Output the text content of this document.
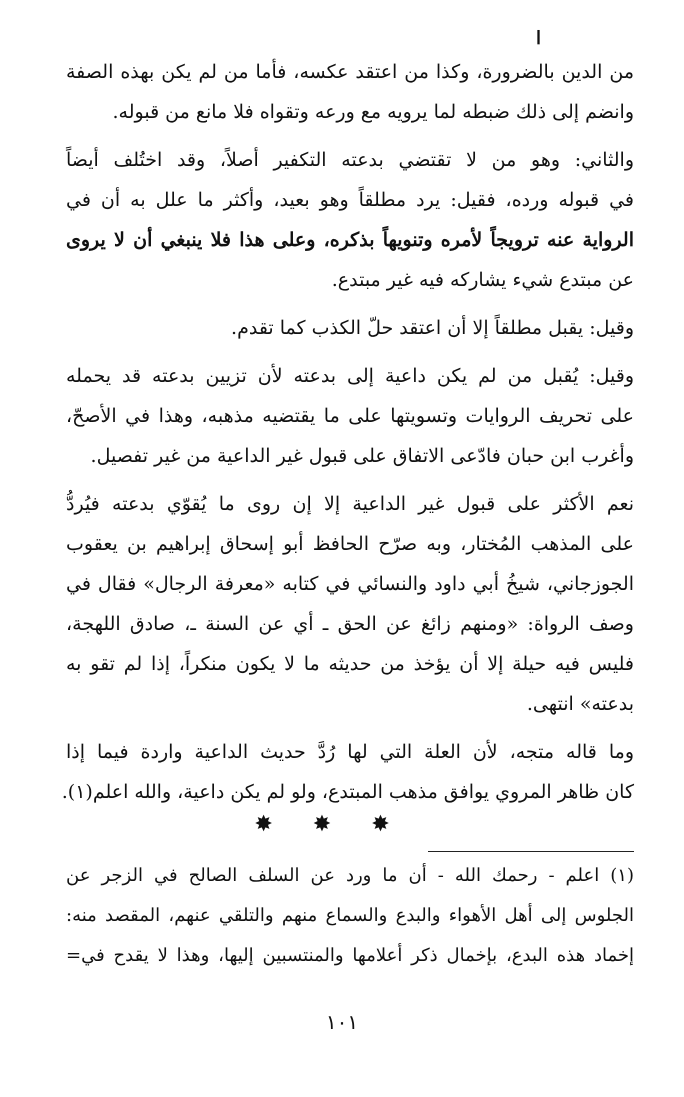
ا
من الدين بالضرورة، وكذا من اعتقد عكسه، فأما من لم يكن بهذه الصفة
وانضم إلى ذلك ضبطه لما يرويه مع ورعه وتقواه فلا مانع من قبوله.
والثاني: وهو من لا تقتضي بدعته التكفير أصلاً، وقد اختُلف أيضاً
في قبوله ورده، فقيل: يرد مطلقاً وهو بعيد، وأكثر ما علل به أن في
الرواية عنه ترويجاً لأمره وتنويهاً بذكره، وعلى هذا فلا ينبغي أن لا يروى
عن مبتدع شيء يشاركه فيه غير مبتدع.
وقيل: يقبل مطلقاً إلا أن اعتقد حلّ الكذب كما تقدم.
وقيل: يُقبل من لم يكن داعية إلى بدعته لأن تزيين بدعته قد يحمله
على تحريف الروايات وتسويتها على ما يقتضيه مذهبه، وهذا في الأصحّ،
وأغرب ابن حبان فادّعى الاتفاق على قبول غير الداعية من غير تفصيل.
نعم الأكثر على قبول غير الداعية إلا إن روى ما يُقوّي بدعته فيُردُّ
على المذهب المُختار، وبه صرّح الحافظ أبو إسحاق إبراهيم بن يعقوب
الجوزجاني، شيخُ أبي داود والنسائي في كتابه «معرفة الرجال» فقال في
وصف الرواة: «ومنهم زائغ عن الحق ـ أي عن السنة ـ، صادق اللهجة،
فليس فيه حيلة إلا أن يؤخذ من حديثه ما لا يكون منكراً، إذا لم تقو به
بدعته» انتهى.
وما قاله متجه، لأن العلة التي لها رُدَّ حديث الداعية واردة فيما إذا
كان ظاهر المروي يوافق مذهب المبتدع، ولو لم يكن داعية، والله اعلم(١).
✸✸✸
(١) اعلم - رحمك الله - أن ما ورد عن السلف الصالح في الزجر عن
الجلوس إلى أهل الأهواء والبدع والسماع منهم والتلقي عنهم، المقصد منه:
إخماد هذه البدع، بإخمال ذكر أعلامها والمنتسبين إليها، وهذا لا يقدح في=
١٠١
